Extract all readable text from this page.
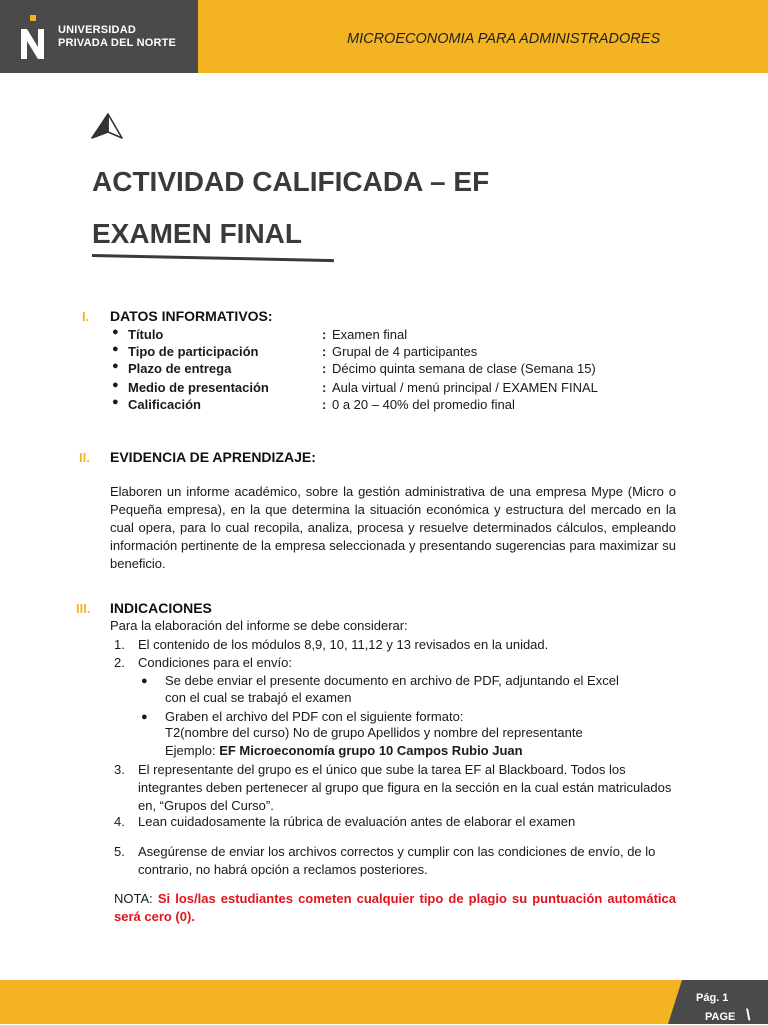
UNIVERSIDAD
PRIVADA DEL NORTE	MICROECONOMIA PARA ADMINISTRADORES
ACTIVIDAD CALIFICADA – EF
EXAMEN FINAL
I. DATOS INFORMATIVOS:
● Título	: Examen final
● Tipo de participación	: Grupal de 4 participantes
● Plazo de entrega	: Décimo quinta semana de clase (Semana 15)
● Medio de presentación	: Aula virtual / menú principal / EXAMEN FINAL
● Calificación	: 0 a 20 – 40% del promedio final
II. EVIDENCIA DE APRENDIZAJE:
Elaboren un informe académico, sobre la gestión administrativa de una empresa Mype (Micro o Pequeña empresa), en la que determina la situación económica y estructura del mercado en la cual opera, para lo cual recopila, analiza, procesa y resuelve determinados cálculos, empleando información pertinente de la empresa seleccionada y presentando sugerencias para maximizar su beneficio.
III. INDICACIONES
Para la elaboración del informe se debe considerar:
1. El contenido de los módulos 8,9, 10, 11,12 y 13 revisados en la unidad.
2. Condiciones para el envío:
● Se debe enviar el presente documento en archivo de PDF, adjuntando el Excel
con el cual se trabajó el examen
● Graben el archivo del PDF con el siguiente formato:
T2(nombre del curso) No de grupo Apellidos y nombre del representante
Ejemplo: EF Microeconomía grupo 10 Campos Rubio Juan
3. El representante del grupo es el único que sube la tarea EF al Blackboard. Todos los integrantes deben pertenecer al grupo que figura en la sección en la cual están matriculados en, “Grupos del Curso”.
4. Lean cuidadosamente la rúbrica de evaluación antes de elaborar el examen
5. Asegúrense de enviar los archivos correctos y cumplir con las condiciones de envío, de lo contrario, no habrá opción a reclamos posteriores.
NOTA: Si los/las estudiantes cometen cualquier tipo de plagio su puntuación automática será cero (0).
Pág. 1
PAGE \
